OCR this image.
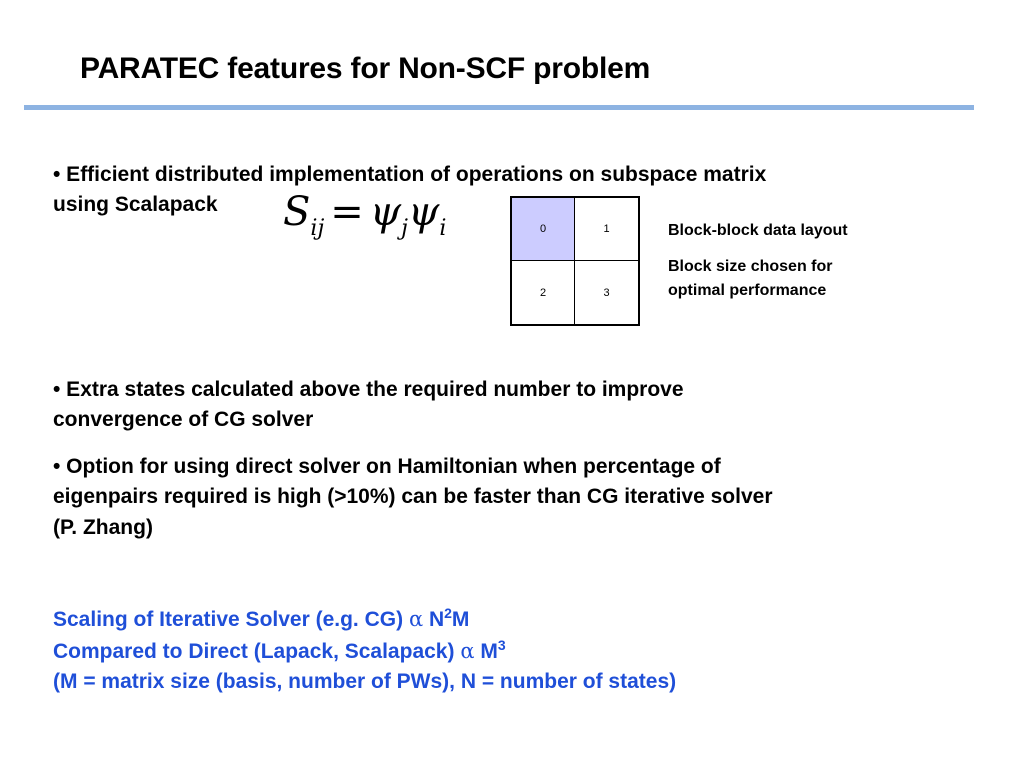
PARATEC features for Non-SCF problem
• Efficient distributed implementation of operations on subspace matrix
using Scalapack $S_{ij} = \psi_j\psi_i$	0	1
2	3
Block-block data layout
Block size chosen for
optimal performance
• Extra states calculated above the required number to improve
convergence of CG solver
• Option for using direct solver on Hamiltonian when percentage of
eigenpairs required is high (>10%) can be faster than CG iterative solver
(P. Zhang)
Scaling of Iterative Solver (e.g. CG) α $N^2M$
Compared to Direct (Lapack, Scalapack) α $M^3$
(M = matrix size (basis, number of PWs), N = number of states)
